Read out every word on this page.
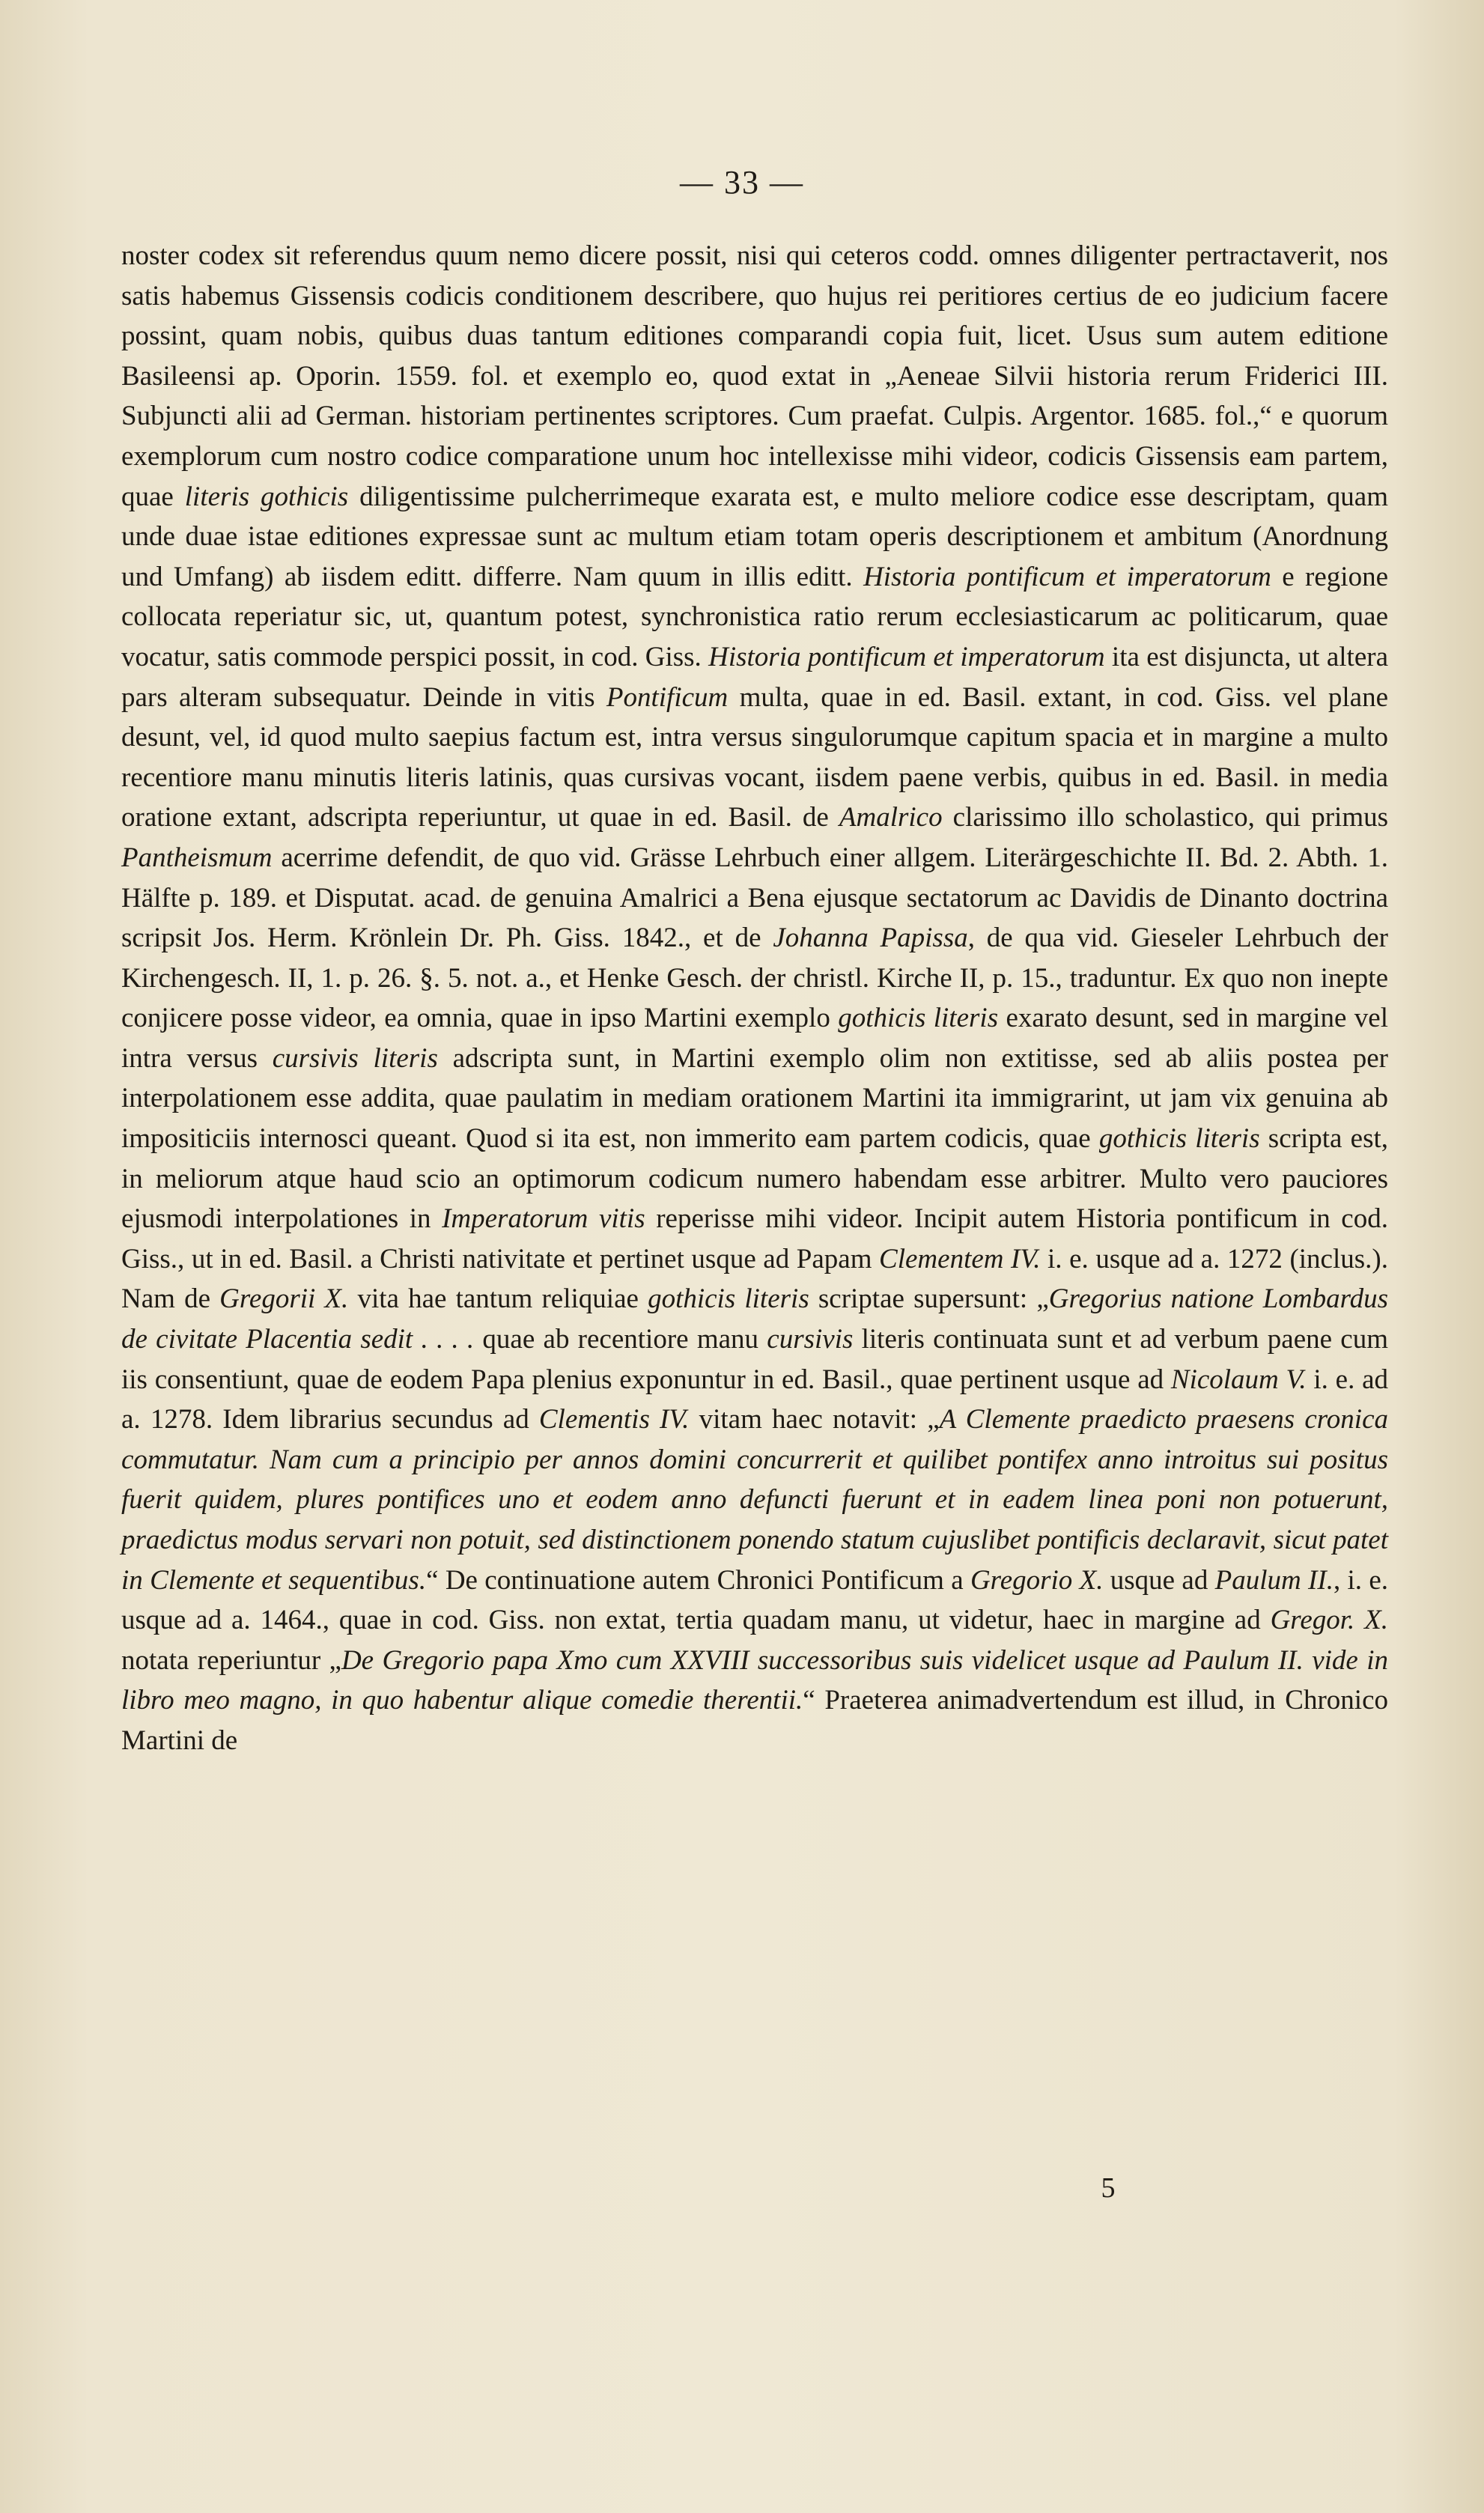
— 33 —

noster codex sit referendus quum nemo dicere possit, nisi qui ceteros codd. omnes diligenter pertractaverit, nos satis habemus Gissensis codicis conditionem describere, quo hujus rei peritiores certius de eo judicium facere possint, quam nobis, quibus duas tantum editiones comparandi copia fuit, licet. Usus sum autem editione Basileensi ap. Oporin. 1559. fol. et exemplo eo, quod extat in „Aeneae Silvii historia rerum Friderici III. Subjuncti alii ad German. historiam pertinentes scriptores. Cum praefat. Culpis. Argentor. 1685. fol.,“ e quorum exemplorum cum nostro codice comparatione unum hoc intellexisse mihi videor, codicis Gissensis eam partem, quae literis gothicis diligentissime pulcherrimeque exarata est, e multo meliore codice esse descriptam, quam unde duae istae editiones expressae sunt ac multum etiam totam operis descriptionem et ambitum (Anordnung und Umfang) ab iisdem editt. differre. Nam quum in illis editt. Historia pontificum et imperatorum e regione collocata reperiatur sic, ut, quantum potest, synchronistica ratio rerum ecclesiasticarum ac politicarum, quae vocatur, satis commode perspici possit, in cod. Giss. Historia pontificum et imperatorum ita est disjuncta, ut altera pars alteram subsequatur. Deinde in vitis Pontificum multa, quae in ed. Basil. extant, in cod. Giss. vel plane desunt, vel, id quod multo saepius factum est, intra versus singulorumque capitum spacia et in margine a multo recentiore manu minutis literis latinis, quas cursivas vocant, iisdem paene verbis, quibus in ed. Basil. in media oratione extant, adscripta reperiuntur, ut quae in ed. Basil. de Amalrico clarissimo illo scholastico, qui primus Pantheismum acerrime defendit, de quo vid. Grässe Lehrbuch einer allgem. Literärgeschichte II. Bd. 2. Abth. 1. Hälfte p. 189. et Disputat. acad. de genuina Amalrici a Bena ejusque sectatorum ac Davidis de Dinanto doctrina scripsit Jos. Herm. Krönlein Dr. Ph. Giss. 1842., et de Johanna Papissa, de qua vid. Gieseler Lehrbuch der Kirchengesch. II, 1. p. 26. §. 5. not. a., et Henke Gesch. der christl. Kirche II, p. 15., traduntur. Ex quo non inepte conjicere posse videor, ea omnia, quae in ipso Martini exemplo gothicis literis exarato desunt, sed in margine vel intra versus cursivis literis adscripta sunt, in Martini exemplo olim non extitisse, sed ab aliis postea per interpolationem esse addita, quae paulatim in mediam orationem Martini ita immigrarint, ut jam vix genuina ab impositiciis internosci queant. Quod si ita est, non immerito eam partem codicis, quae gothicis literis scripta est, in meliorum atque haud scio an optimorum codicum numero habendam esse arbitrer. Multo vero pauciores ejusmodi interpolationes in Imperatorum vitis reperisse mihi videor. Incipit autem Historia pontificum in cod. Giss., ut in ed. Basil. a Christi nativitate et pertinet usque ad Papam Clementem IV. i. e. usque ad a. 1272 (inclus.). Nam de Gregorii X. vita hae tantum reliquiae gothicis literis scriptae supersunt: „Gregorius natione Lombardus de civitate Placentia sedit . . . . quae ab recentiore manu cursivis literis continuata sunt et ad verbum paene cum iis consentiunt, quae de eodem Papa plenius exponuntur in ed. Basil., quae pertinent usque ad Nicolaum V. i. e. ad a. 1278. Idem librarius secundus ad Clementis IV. vitam haec notavit: „A Clemente praedicto praesens cronica commutatur. Nam cum a principio per annos domini concurrerit et quilibet pontifex anno introitus sui positus fuerit quidem, plures pontifices uno et eodem anno defuncti fuerunt et in eadem linea poni non potuerunt, praedictus modus servari non potuit, sed distinctionem ponendo statum cujuslibet pontificis declaravit, sicut patet in Clemente et sequentibus.“ De continuatione autem Chronici Pontificum a Gregorio X. usque ad Paulum II., i. e. usque ad a. 1464., quae in cod. Giss. non extat, tertia quadam manu, ut videtur, haec in margine ad Gregor. X. notata reperiuntur „De Gregorio papa Xmo cum XXVIII successoribus suis videlicet usque ad Paulum II. vide in libro meo magno, in quo habentur alique comedie therentii.“ Praeterea animadvertendum est illud, in Chronico Martini de

5
